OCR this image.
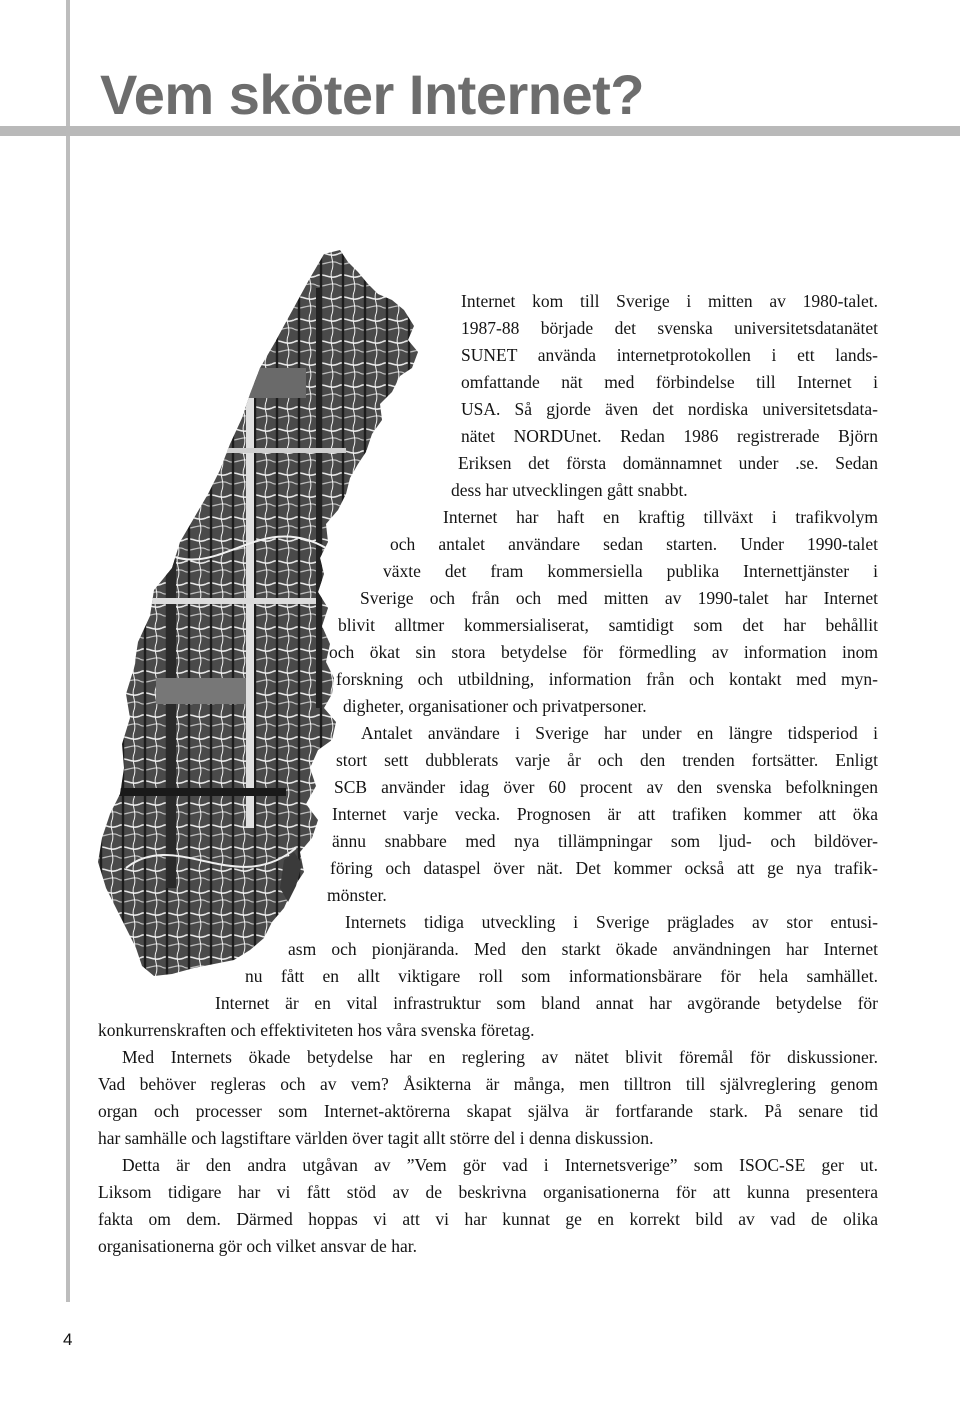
Vem sköter Internet?

Internet kom till Sverige i mitten av 1980-talet.
1987-88 började det svenska universitetsdatanätet
SUNET använda internetprotokollen i ett lands-
omfattande nät med förbindelse till Internet i
USA. Så gjorde även det nordiska universitetsdata-
nätet NORDUnet. Redan 1986 registrerade Björn
Eriksen det första domännamnet under .se. Sedan
dess har utvecklingen gått snabbt.

Internet har haft en kraftig tillväxt i trafikvolym
och antalet användare sedan starten. Under 1990-talet
växte det fram kommersiella publika Internettjänster i
Sverige och från och med mitten av 1990-talet har Internet
blivit alltmer kommersialiserat, samtidigt som det har behållit
och ökat sin stora betydelse för förmedling av information inom
forskning och utbildning, information från och kontakt med myn-
digheter, organisationer och privatpersoner.

Antalet användare i Sverige har under en längre tidsperiod i
stort sett dubblerats varje år och den trenden fortsätter. Enligt
SCB använder idag över 60 procent av den svenska befolkningen
Internet varje vecka. Prognosen är att trafiken kommer att öka
ännu snabbare med nya tillämpningar som ljud- och bildöver-
föring och dataspel över nät. Det kommer också att ge nya trafik-
mönster.

Internets tidiga utveckling i Sverige präglades av stor entusi-
asm och pionjäranda. Med den starkt ökade användningen har Internet
nu fått en allt viktigare roll som informationsbärare för hela samhället.
Internet är en vital infrastruktur som bland annat har avgörande betydelse för
konkurrenskraften och effektiviteten hos våra svenska företag.

Med Internets ökade betydelse har en reglering av nätet blivit föremål för diskussioner.
Vad behöver regleras och av vem? Åsikterna är många, men tilltron till självreglering genom
organ och processer som Internet-aktörerna skapat själva är fortfarande stark. På senare tid
har samhälle och lagstiftare världen över tagit allt större del i denna diskussion.

Detta är den andra utgåvan av ”Vem gör vad i Internetsverige” som ISOC-SE ger ut.
Liksom tidigare har vi fått stöd av de beskrivna organisationerna för att kunna presentera
fakta om dem. Därmed hoppas vi att vi har kunnat ge en korrekt bild av vad de olika
organisationerna gör och vilket ansvar de har.

4
